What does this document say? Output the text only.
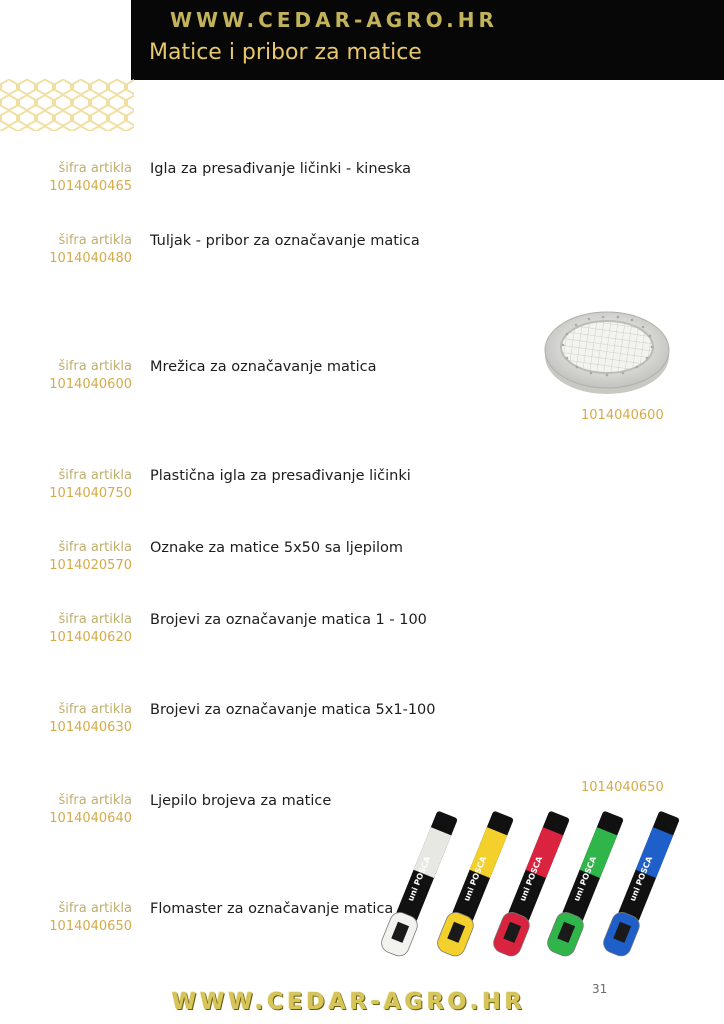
WWW.CEDAR-AGRO.HR
Matice i pribor za matice
šifra artikla
1014040465
Igla za presađivanje ličinki - kineska
šifra artikla
1014040480
Tuljak - pribor za označavanje matica
šifra artikla
1014040600
Mrežica za označavanje matica
šifra artikla
1014040750
Plastična igla za presađivanje ličinki
šifra artikla
1014020570
Oznake za matice 5x50 sa ljepilom
šifra artikla
1014040620
Brojevi za označavanje matica 1 - 100
šifra artikla
1014040630
Brojevi za označavanje matica 5x1-100
šifra artikla
1014040640
Ljepilo brojeva za matice
šifra artikla
1014040650
Flomaster za označavanje matica
1014040600
1014040650
uni POSCA	uni POSCA	uni POSCA	uni POSCA	uni POSCA
31
WWW.CEDAR-AGRO.HR
